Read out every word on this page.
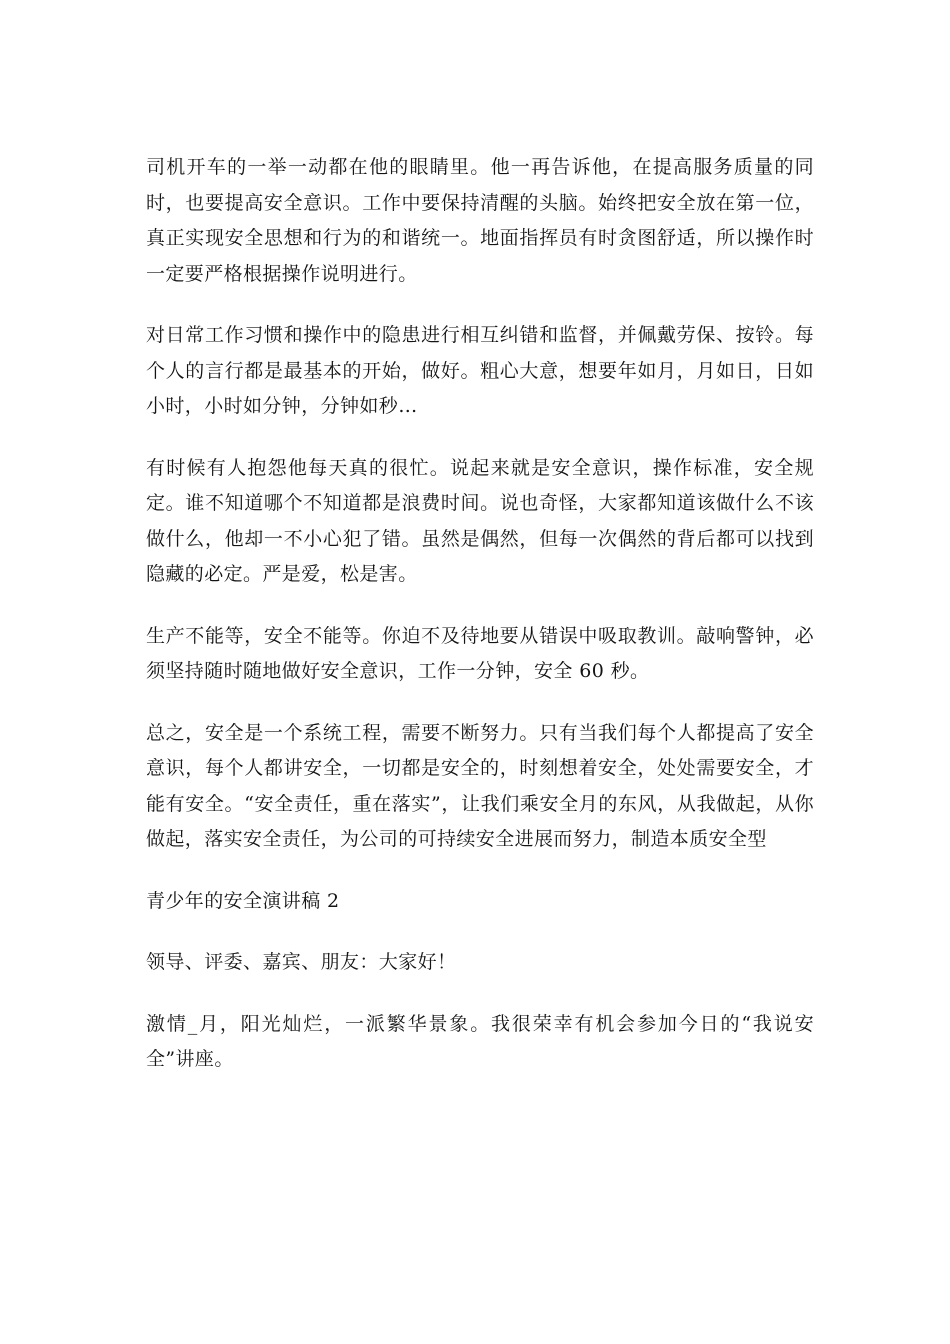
司机开车的一举一动都在他的眼睛里。他一再告诉他，在提高服务质量的同时，也要提高安全意识。工作中要保持清醒的头脑。始终把安全放在第一位，真正实现安全思想和行为的和谐统一。地面指挥员有时贪图舒适，所以操作时一定要严格根据操作说明进行。

对日常工作习惯和操作中的隐患进行相互纠错和监督，并佩戴劳保、按铃。每个人的言行都是最基本的开始，做好。粗心大意，想要年如月，月如日，日如小时，小时如分钟，分钟如秒…

有时候有人抱怨他每天真的很忙。说起来就是安全意识，操作标准，安全规定。谁不知道哪个不知道都是浪费时间。说也奇怪，大家都知道该做什么不该做什么，他却一不小心犯了错。虽然是偶然，但每一次偶然的背后都可以找到隐藏的必定。严是爱，松是害。

生产不能等，安全不能等。你迫不及待地要从错误中吸取教训。敲响警钟，必须坚持随时随地做好安全意识，工作一分钟，安全 60 秒。

总之，安全是一个系统工程，需要不断努力。只有当我们每个人都提高了安全意识，每个人都讲安全，一切都是安全的，时刻想着安全，处处需要安全，才能有安全。“安全责任，重在落实”，让我们乘安全月的东风，从我做起，从你做起，落实安全责任，为公司的可持续安全进展而努力，制造本质安全型

青少年的安全演讲稿 2

领导、评委、嘉宾、朋友：大家好！

激情_月，阳光灿烂，一派繁华景象。我很荣幸有机会参加今日的“我说安全”讲座。
